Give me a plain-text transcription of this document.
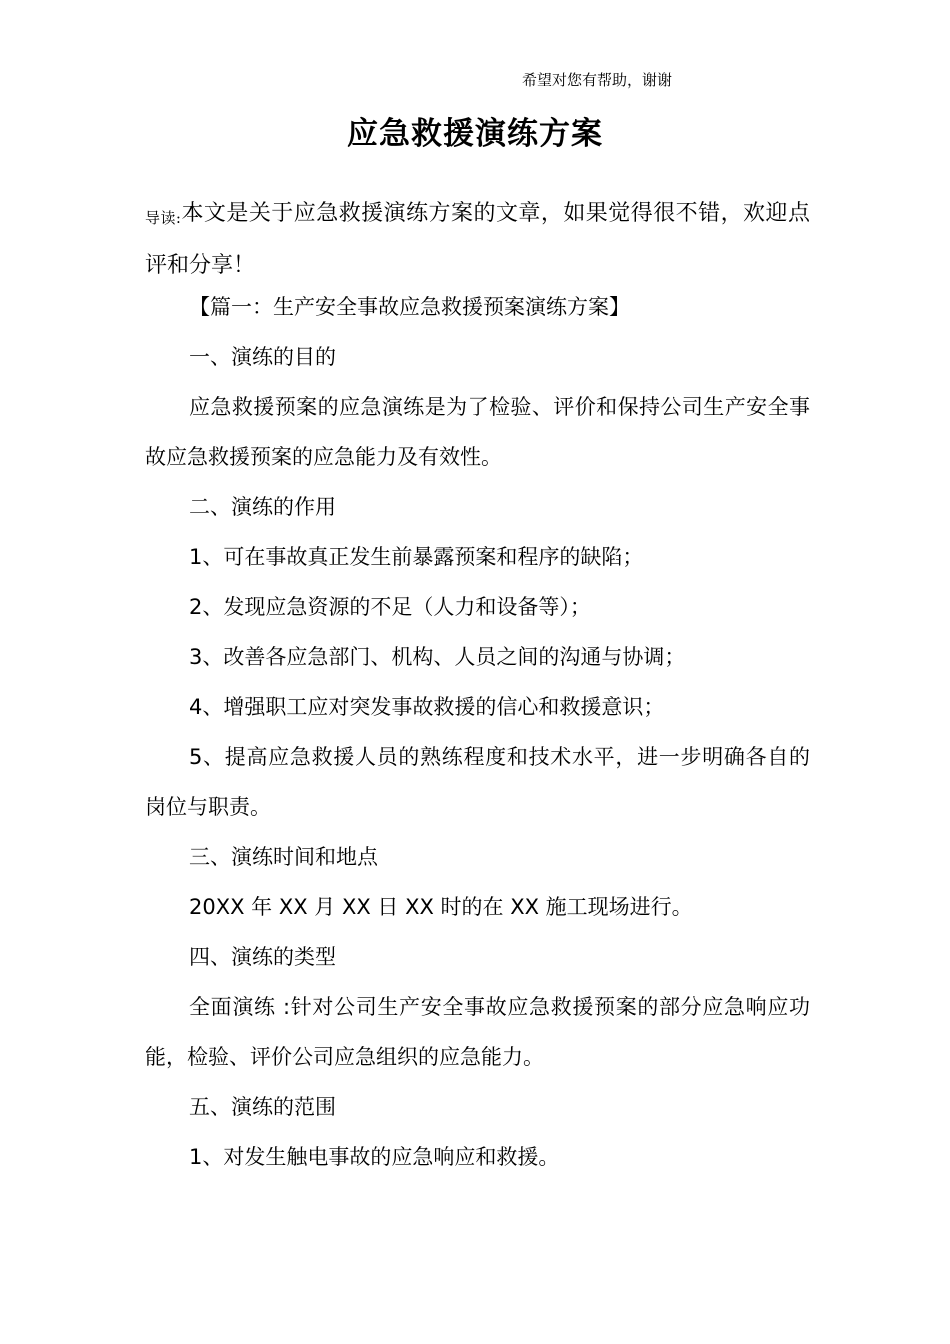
希望对您有帮助，谢谢
应急救援演练方案
导读:本文是关于应急救援演练方案的文章，如果觉得很不错，欢迎点评和分享！

【篇一：生产安全事故应急救援预案演练方案】

一、演练的目的

应急救援预案的应急演练是为了检验、评价和保持公司生产安全事故应急救援预案的应急能力及有效性。

二、演练的作用

1、可在事故真正发生前暴露预案和程序的缺陷；

2、发现应急资源的不足（人力和设备等）；

3、改善各应急部门、机构、人员之间的沟通与协调；

4、增强职工应对突发事故救援的信心和救援意识；

5、提高应急救援人员的熟练程度和技术水平，进一步明确各自的岗位与职责。

三、演练时间和地点

20XX 年 XX 月 XX 日 XX 时的在 XX 施工现场进行。

四、演练的类型

全面演练 :针对公司生产安全事故应急救援预案的部分应急响应功能，检验、评价公司应急组织的应急能力。

五、演练的范围

1、对发生触电事故的应急响应和救援。
